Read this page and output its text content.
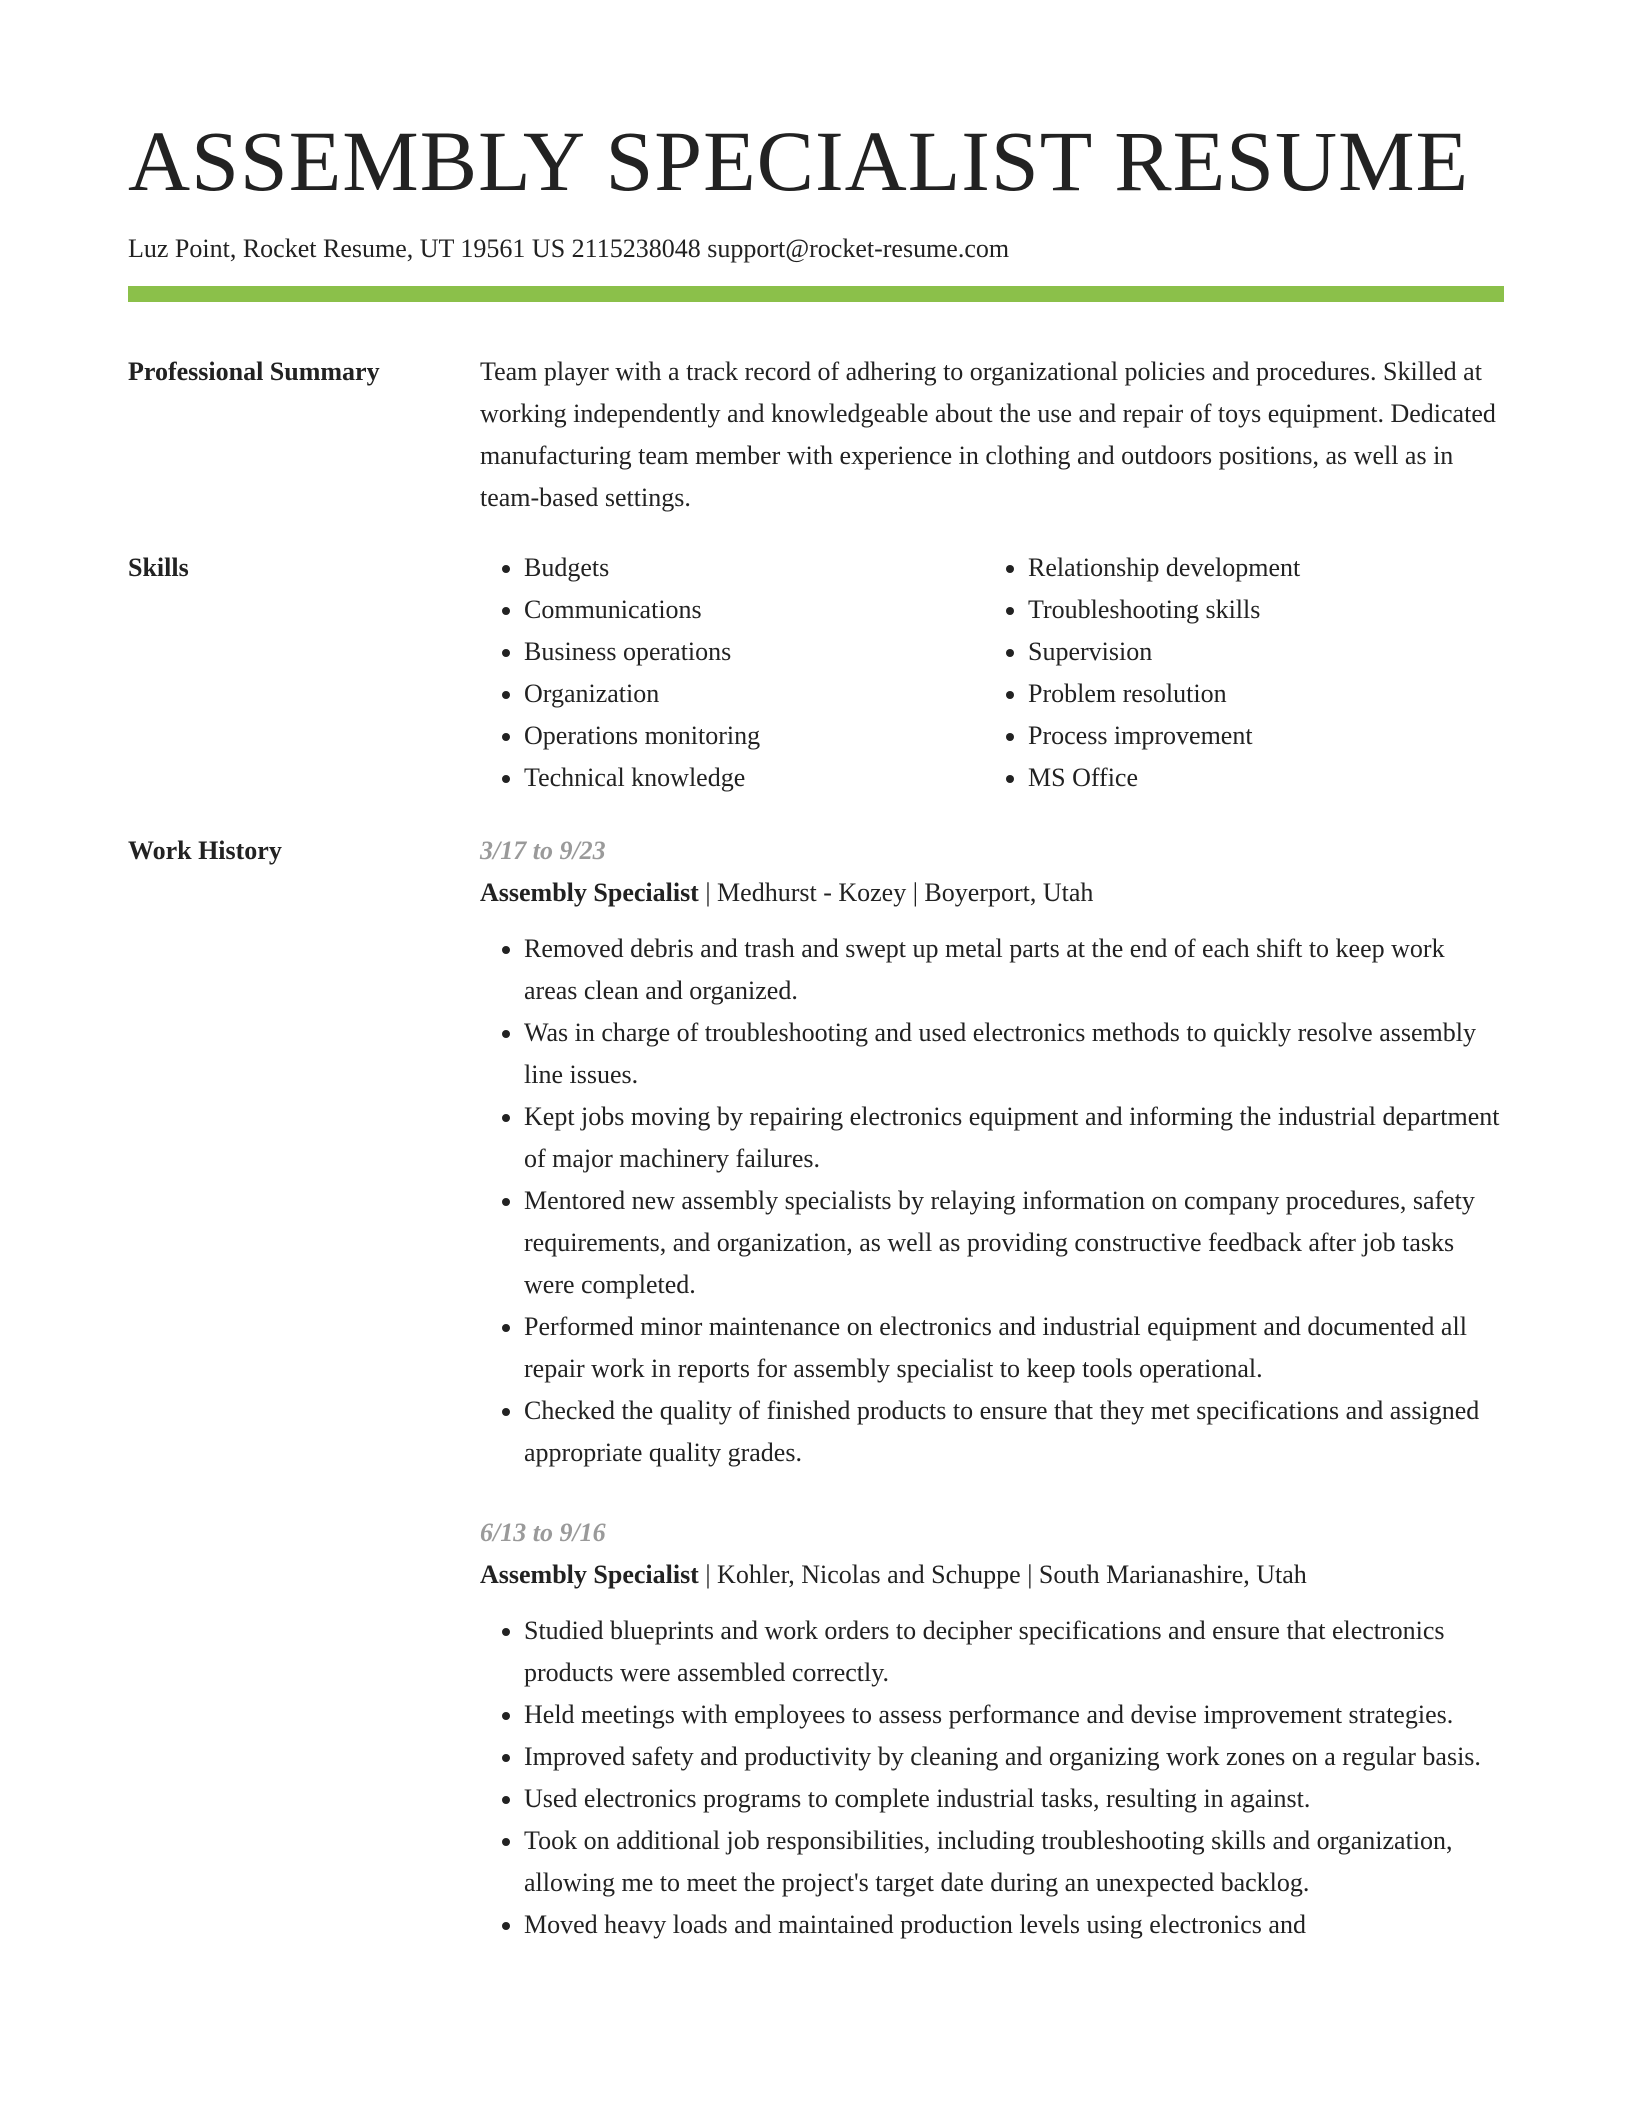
ASSEMBLY SPECIALIST RESUME
Luz Point, Rocket Resume, UT 19561 US 2115238048 support@rocket-resume.com
Professional Summary	Team player with a track record of adhering to organizational policies and procedures. Skilled at working independently and knowledgeable about the use and repair of toys equipment. Dedicated manufacturing team member with experience in clothing and outdoors positions, as well as in team-based settings.

Skills
•	Budgets
• Communications
• Business operations
• Organization
• Operations monitoring
• Technical knowledge
• Relationship development
• Troubleshooting skills
• Supervision
• Problem resolution
• Process improvement
• MS Office
Work History	3/17 to 9/23
Assembly Specialist | Medhurst - Kozey | Boyerport, Utah
• Removed debris and trash and swept up metal parts at the end of each shift to keep work areas clean and organized.
• Was in charge of troubleshooting and used electronics methods to quickly resolve assembly line issues.
• Kept jobs moving by repairing electronics equipment and informing the industrial department of major machinery failures.
• Mentored new assembly specialists by relaying information on company procedures, safety requirements, and organization, as well as providing constructive feedback after job tasks were completed.
• Performed minor maintenance on electronics and industrial equipment and documented all repair work in reports for assembly specialist to keep tools operational.
• Checked the quality of finished products to ensure that they met specifications and assigned appropriate quality grades.
6/13 to 9/16
Assembly Specialist | Kohler, Nicolas and Schuppe | South Marianashire, Utah
• Studied blueprints and work orders to decipher specifications and ensure that electronics products were assembled correctly.
• Held meetings with employees to assess performance and devise improvement strategies.
• Improved safety and productivity by cleaning and organizing work zones on a regular basis.
• Used electronics programs to complete industrial tasks, resulting in against.
• Took on additional job responsibilities, including troubleshooting skills and organization, allowing me to meet the project's target date during an unexpected backlog.
• Moved heavy loads and maintained production levels using electronics and
